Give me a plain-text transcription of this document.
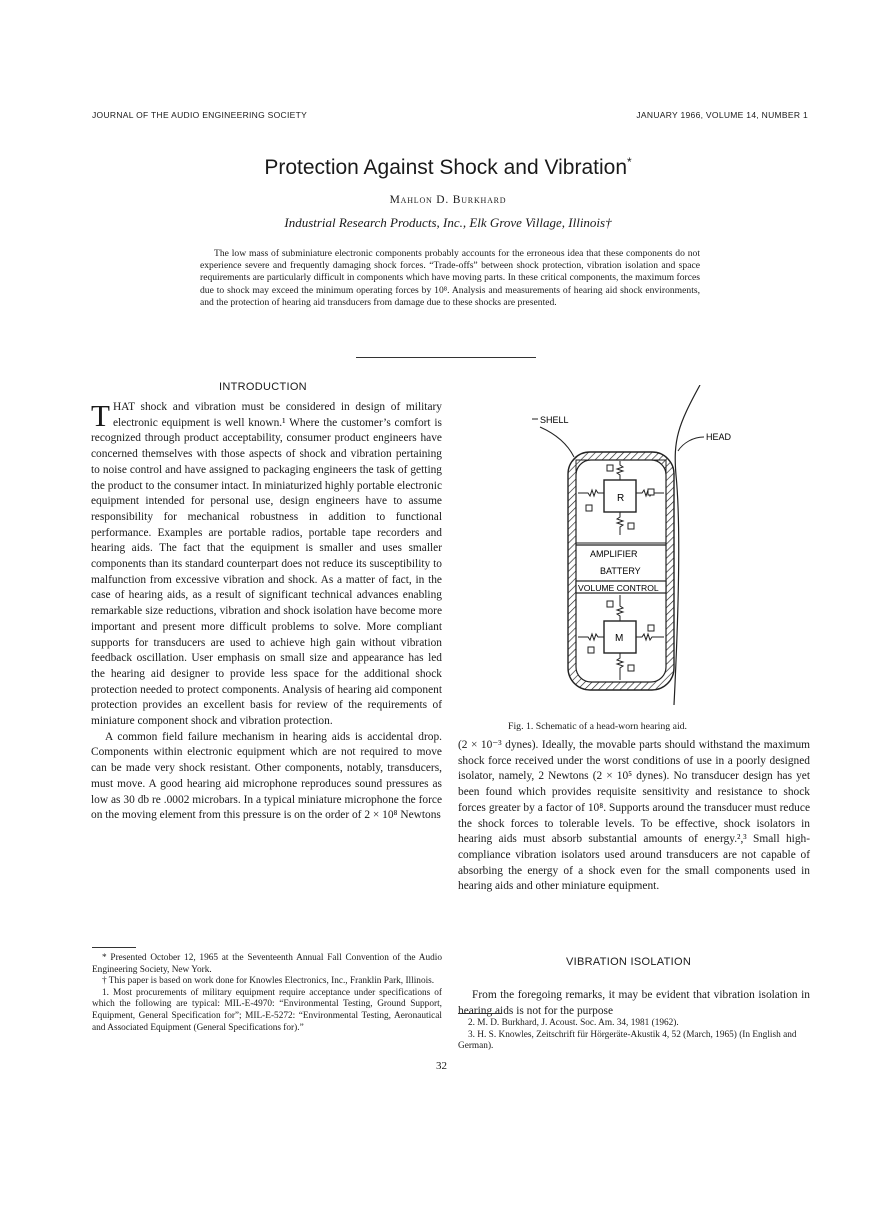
JOURNAL OF THE AUDIO ENGINEERING SOCIETY	JANUARY 1966, VOLUME 14, NUMBER 1
Protection Against Shock and Vibration*
Mahlon D. Burkhard
Industrial Research Products, Inc., Elk Grove Village, Illinois†
The low mass of subminiature electronic components probably accounts for the erroneous idea that these components do not experience severe and frequently damaging shock forces. “Trade-offs” between shock protection, vibration isolation and space requirements are particularly difficult in components which have moving parts. In these critical components, the maximum forces due to shock may exceed the minimum operating forces by 10⁸. Analysis and measurements of hearing aid shock environments, and the protection of hearing aid transducers from damage due to these shocks are presented.
INTRODUCTION

THAT shock and vibration must be considered in design of military electronic equipment is well known.¹ Where the customer’s comfort is recognized through product acceptability, consumer product engineers have concerned themselves with those aspects of shock and vibration pertaining to noise control and have assigned to packaging engineers the task of getting the product to the consumer intact. In miniaturized highly portable electronic equipment intended for personal use, design engineers have to assume responsibility for mechanical robustness in addition to functional performance. Examples are portable radios, portable tape recorders and hearing aids. The fact that the equipment is smaller and uses smaller components than its standard counterpart does not reduce its susceptibility to malfunction from excessive vibration and shock. As a matter of fact, in the case of hearing aids, as a result of significant technical advances enabling remarkable size reductions, vibration and shock isolation have become more important and present more difficult problems to solve. More compliant supports for transducers are used to achieve high gain without vibration feedback oscillation. User emphasis on small size and appearance has led the hearing aid designer to provide less space for the additional shock protection needed to protect components. Analysis of hearing aid component protection provides an excellent basis for review of the requirements of miniature component shock and vibration protection.

A common field failure mechanism in hearing aids is accidental drop. Components within electronic equipment which are not required to move can be made very shock resistant. Other components, notably, transducers, must move. A good hearing aid microphone reproduces sound pressures as low as 30 db re .0002 microbars. In a typical miniature microphone the force on the moving element from this pressure is on the order of 2 × 10⁸ Newtons

* Presented October 12, 1965 at the Seventeenth Annual Fall Convention of the Audio Engineering Society, New York.

† This paper is based on work done for Knowles Electronics, Inc., Franklin Park, Illinois.

1. Most procurements of military equipment require acceptance under specifications of which the following are typical: MIL-E-4970: “Environmental Testing, Ground Support, Equipment, General Specification for”; MIL-E-5272: “Environmental Testing, Aeronautical and Associated Equipment (General Specifications for).”

R
AMPLIFIER
BATTERY
VOLUME CONTROL
M
SHELL
HEAD
Fig. 1. Schematic of a head-worn hearing aid.

(2 × 10⁻³ dynes). Ideally, the movable parts should withstand the maximum shock force received under the worst conditions of use in a poorly designed isolator, namely, 2 Newtons (2 × 10⁵ dynes). No transducer design has yet been found which provides requisite sensitivity and resistance to shock forces greater by a factor of 10⁸. Supports around the transducer must reduce the shock forces to tolerable levels. To be effective, shock isolators in hearing aids must absorb substantial amounts of energy.²,³ Small high-compliance vibration isolators used around transducers are not capable of absorbing the energy of a shock even for the small components used in hearing aids and other miniature equipment.

VIBRATION ISOLATION

From the foregoing remarks, it may be evident that vibration isolation in hearing aids is not for the purpose

2. M. D. Burkhard, J. Acoust. Soc. Am. 34, 1981 (1962).

3. H. S. Knowles, Zeitschrift für Hörgeräte-Akustik 4, 52 (March, 1965) (In English and German).

32
